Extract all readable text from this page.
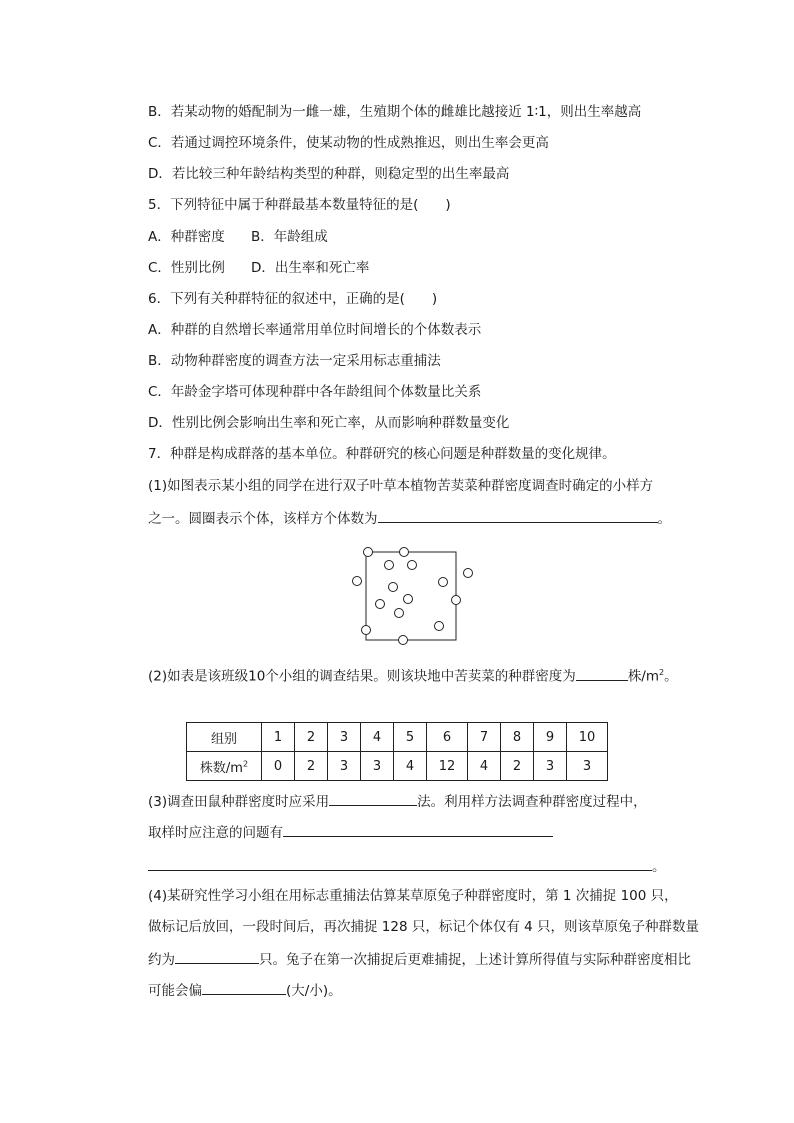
B．若某动物的婚配制为一雌一雄，生殖期个体的雌雄比越接近 1∶1，则出生率越高
C．若通过调控环境条件，使某动物的性成熟推迟，则出生率会更高
D．若比较三种年龄结构类型的种群，则稳定型的出生率最高
5．下列特征中属于种群最基本数量特征的是(　　)
A．种群密度 B．年龄组成
C．性别比例 D．出生率和死亡率
6．下列有关种群特征的叙述中，正确的是(　　)
A．种群的自然增长率通常用单位时间增长的个体数表示
B．动物种群密度的调查方法一定采用标志重捕法
C．年龄金字塔可体现种群中各年龄组间个体数量比关系
D．性别比例会影响出生率和死亡率，从而影响种群数量变化
7．种群是构成群落的基本单位。种群研究的核心问题是种群数量的变化规律。
(1)如图表示某小组的同学在进行双子叶草本植物苦荬菜种群密度调查时确定的小样方
之一。圆圈表示个体，该样方个体数为	。
(2)如表是该班级10个小组的调查结果。则该块地中苦荬菜的种群密度为	株$/m^2$。
组别	1	2	3	4	5	6	7	8	9	10
株数$/m^2$	0	2	3	3	4	12	4	2	3	3
(3)调查田鼠种群密度时应采用	法。利用样方法调查种群密度过程中，
取样时应注意的问题有
。
(4)某研究性学习小组在用标志重捕法估算某草原兔子种群密度时，第 1 次捕捉 100 只，
做标记后放回，一段时间后，再次捕捉 128 只，标记个体仅有 4 只，则该草原兔子种群数量
约为	只。兔子在第一次捕捉后更难捕捉，上述计算所得值与实际种群密度相比
可能会偏	(大/小)。
